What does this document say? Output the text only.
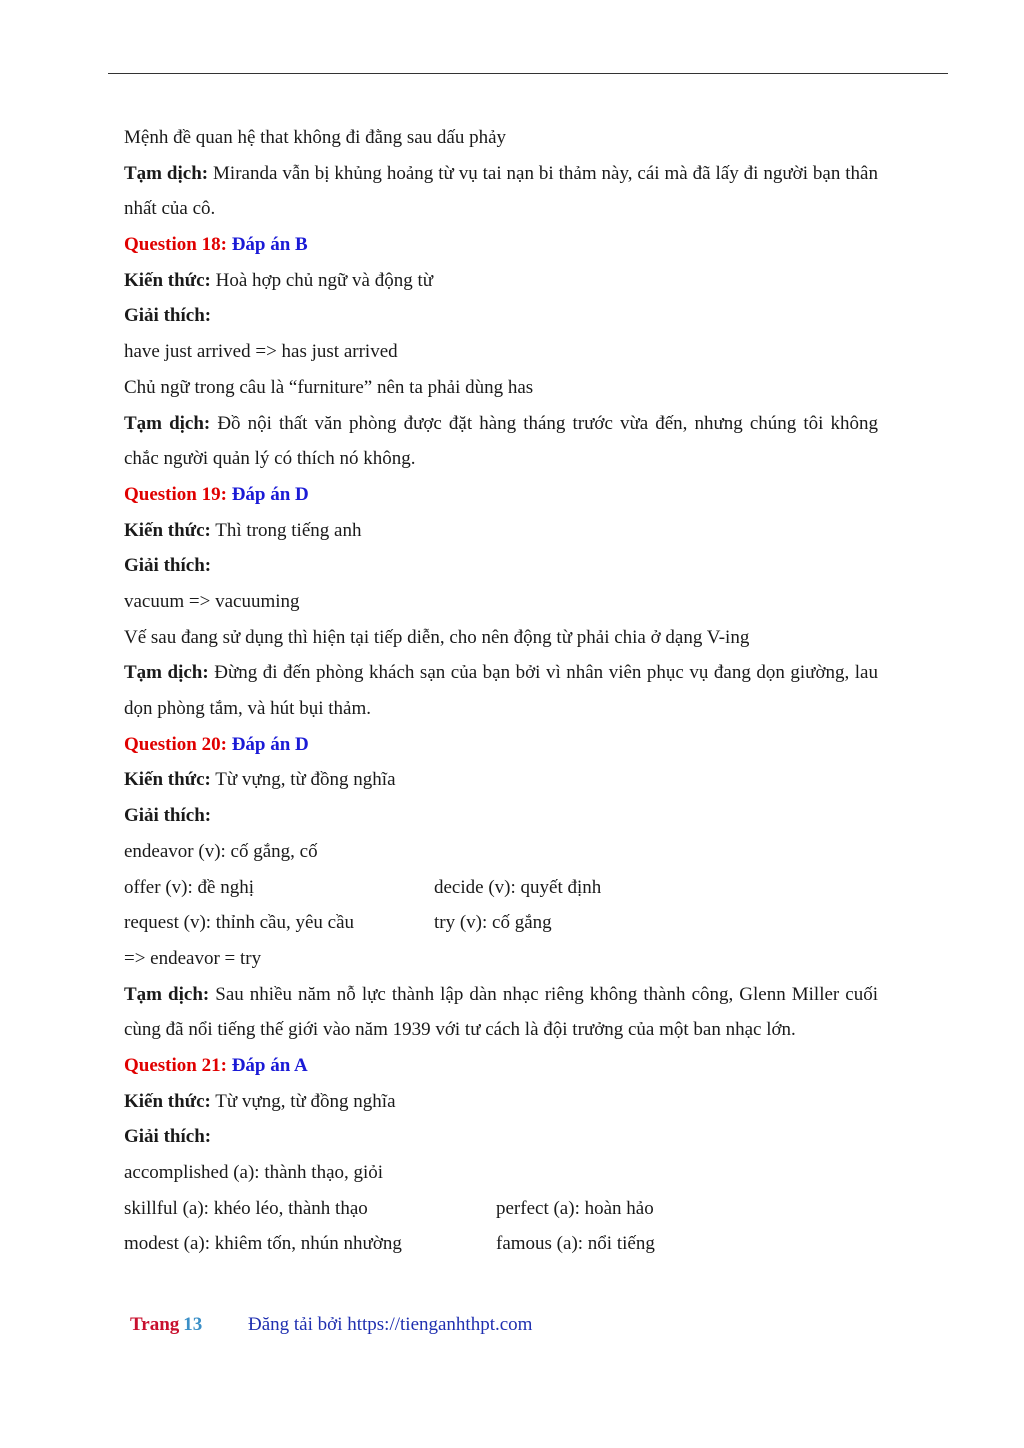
Mệnh đề quan hệ that không đi đằng sau dấu phảy
Tạm dịch: Miranda vẫn bị khủng hoảng từ vụ tai nạn bi thảm này, cái mà đã lấy đi người bạn thân nhất của cô.
Question 18: Đáp án B
Kiến thức: Hoà hợp chủ ngữ và động từ
Giải thích:
have just arrived => has just arrived
Chủ ngữ trong câu là “furniture” nên ta phải dùng has
Tạm dịch: Đồ nội thất văn phòng được đặt hàng tháng trước vừa đến, nhưng chúng tôi không chắc người quản lý có thích nó không.
Question 19: Đáp án D
Kiến thức: Thì trong tiếng anh
Giải thích:
vacuum => vacuuming
Vế sau đang sử dụng thì hiện tại tiếp diễn, cho nên động từ phải chia ở dạng V-ing
Tạm dịch: Đừng đi đến phòng khách sạn của bạn bởi vì nhân viên phục vụ đang dọn giường, lau dọn phòng tắm, và hút bụi thảm.
Question 20: Đáp án D
Kiến thức: Từ vựng, từ đồng nghĩa
Giải thích:
endeavor (v): cố gắng, cố
offer (v): đề nghị	decide (v): quyết định
request (v): thỉnh cầu, yêu cầu	try (v): cố gắng
=> endeavor = try
Tạm dịch: Sau nhiều năm nỗ lực thành lập dàn nhạc riêng không thành công, Glenn Miller cuối cùng đã nổi tiếng thế giới vào năm 1939 với tư cách là đội trưởng của một ban nhạc lớn.
Question 21: Đáp án A
Kiến thức: Từ vựng, từ đồng nghĩa
Giải thích:
accomplished (a): thành thạo, giỏi
skillful (a): khéo léo, thành thạo	perfect (a): hoàn hảo
modest (a): khiêm tốn, nhún nhường	famous (a): nổi tiếng
Trang 13 Đăng tải bởi https://tienganhthpt.com
